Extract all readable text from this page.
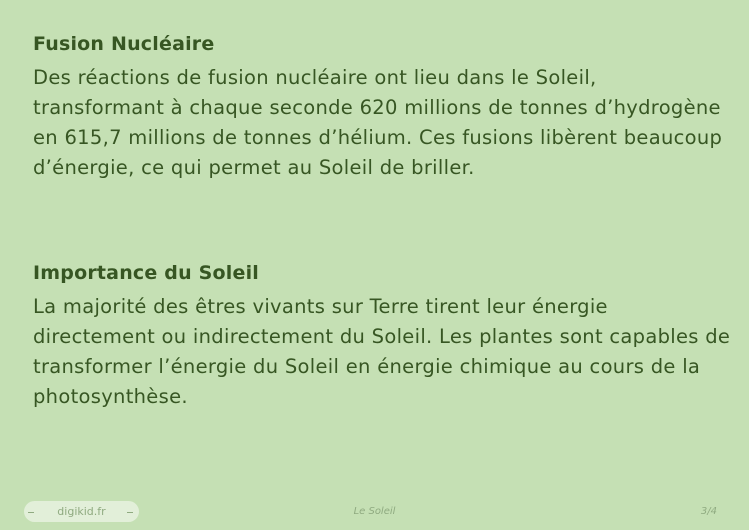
Fusion Nucléaire

Des réactions de fusion nucléaire ont lieu dans le Soleil, transformant à chaque seconde 620 millions de tonnes d’hydrogène en 615,7 millions de tonnes d’hélium. Ces fusions libèrent beaucoup d’énergie, ce qui permet au Soleil de briller.

Importance du Soleil

La majorité des êtres vivants sur Terre tirent leur énergie directement ou indirectement du Soleil. Les plantes sont capables de transformer l’énergie du Soleil en énergie chimique au cours de la photosynthèse.

digikid.fr	Le Soleil	3/4
